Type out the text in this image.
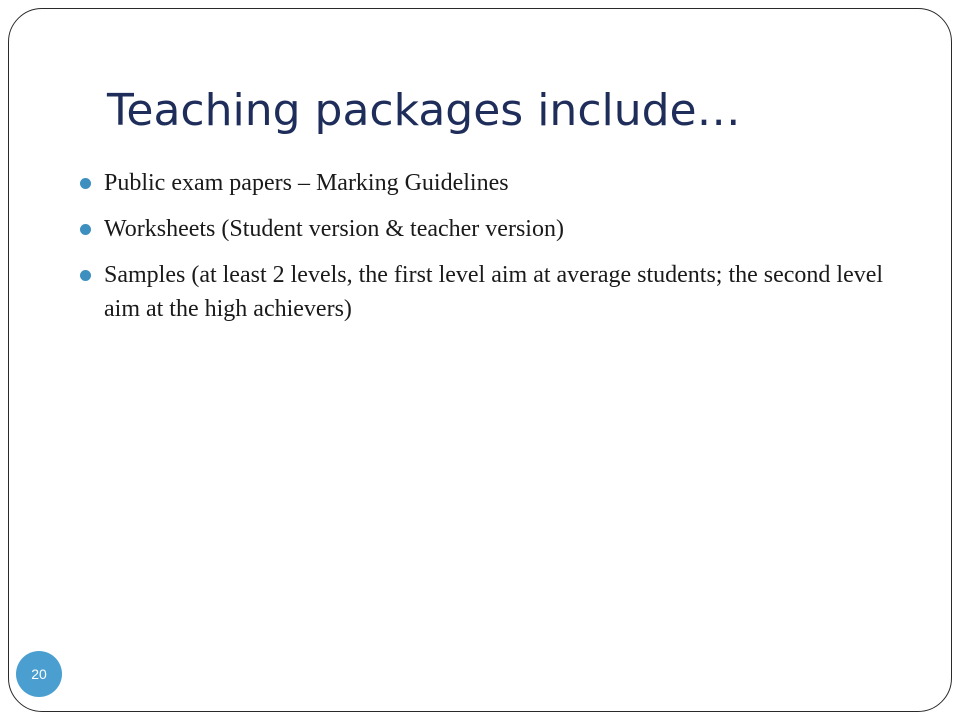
Teaching packages include…
Public exam papers – Marking Guidelines
Worksheets (Student version & teacher version)
Samples (at least 2 levels, the first level aim at average students; the second level aim at the high achievers)
20
